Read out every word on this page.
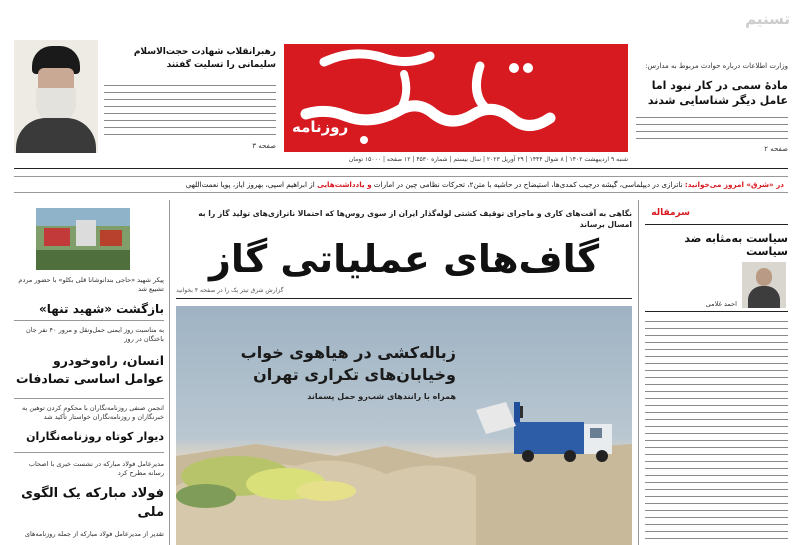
روزنامه
تسنیم
رهبرانقلاب شهادت حجت‌الاسلام سلیمانی را تسلیت گفتند
صفحه ۳
وزارت اطلاعات درباره حوادث مربوط به مدارس:
مادۀ سمی در کار نبود اما عامل دیگر شناسایی شدند
صفحه ۲
شنبه ۹ اردیبهشت ۱۴۰۲ | ۸ شوال ۱۴۴۴ | ۲۹ آوریل ۲۰۲۳ | سال بیستم | شماره ۴۵۳۰ | ۱۲ صفحه | ۱۵۰۰۰ تومان
در «شرق» امروز می‌خوانید: ناترازی در دیپلماسی، گیشه درجیب کمدی‌ها، استیضاح در حاشیه با متن۲، تحرکات نظامی چین در امارات و یادداشت‌هایی از ابراهیم اسپی، بهروز ایاز، پویا نعمت‌اللهی
سرمقاله
سیاست به‌مثابه ضد سیاست
احمد غلامی
نگاهی به آفت‌های کاری و ماجرای توقیف کشتی لوله‌گذار ایران از سوی روس‌ها که احتمالا ناترازی‌های تولید گاز را به امسال برساند
گاف‌های عملیاتی گاز
گزارش شرق تیتر یک را در صفحه ۴ بخوانید
زباله‌کشی در هیاهوی خواب
وخیابان‌های تکراری تهران
همراه با رانندهای شب‌رو حمل پسماند
پیکر شهید «حاجی بندانوشانا قلی بکلو» با حضور مردم تشییع شد
بازگشت «شهید تنها»
به مناسبت روز ایمنی حمل‌ونقل و مرور ۴۰ نفر جان باختگان در روز
انسان، راه‌وخودرو عوامل اساسی تصادفات
انجمن صنفی روزنامه‌نگاران با محکوم کردن توهین به خبرنگاران و روزنامه‌نگاران خواستار تأکید شد
دیوار کوتاه روزنامه‌نگاران
مدیرعامل فولاد مبارکه در نشست خبری با اصحاب رسانه مطرح کرد
فولاد مبارکه یک الگوی ملی
تقدیر از مدیرعامل فولاد مبارکه از جمله روزنامه‌های
